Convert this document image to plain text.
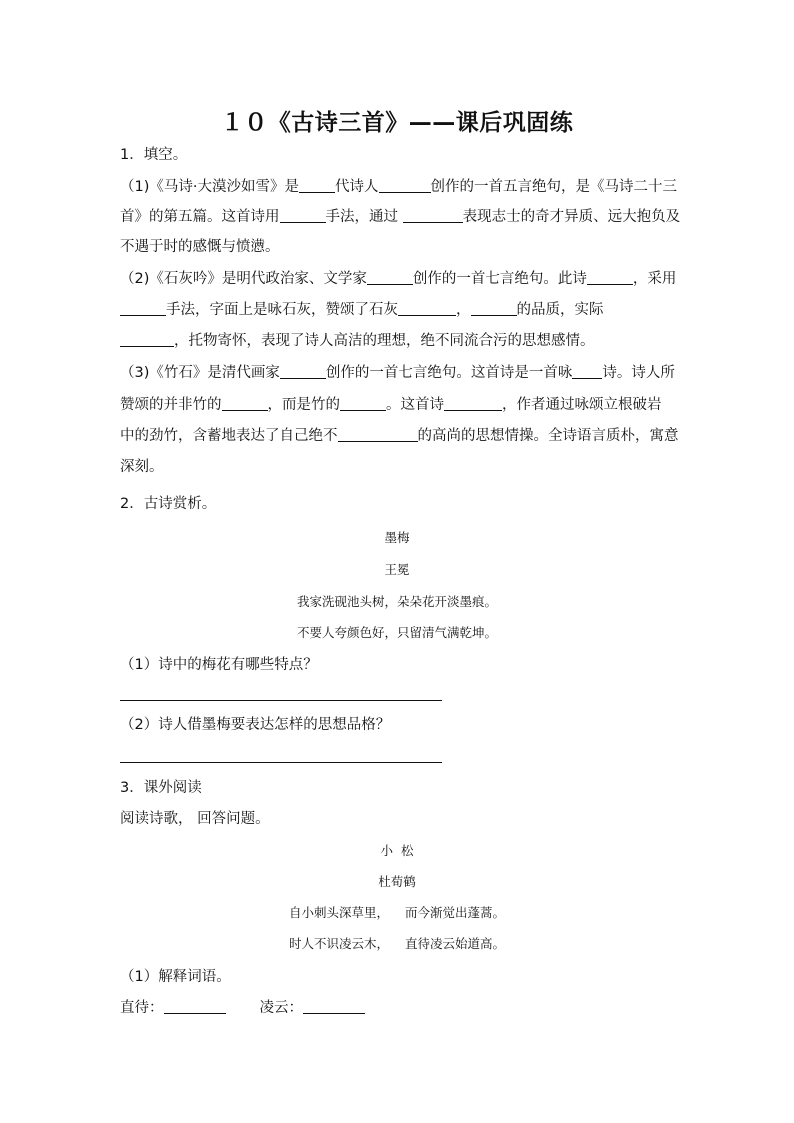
１０《古诗三首》——课后巩固练
1．填空。
（1)《马诗·大漠沙如雪》是 代诗人	创作的一首五言绝句，是《马诗二十三
首》的第五篇。这首诗用	手法，通过	表现志士的奇才异质、远大抱负及
不遇于时的感慨与愤懑。
（2)《石灰吟》是明代政治家、文学家	创作的一首七言绝句。此诗	，采用
手法，字面上是咏石灰，赞颂了石灰	，	的品质，实际
，托物寄怀，表现了诗人高洁的理想，绝不同流合污的思想感情。
（3)《竹石》是清代画家	创作的一首七言绝句。这首诗是一首咏 诗。诗人所
赞颂的并非竹的	，而是竹的	。这首诗	，作者通过咏颂立根破岩
中的劲竹，含蓄地表达了自己绝不	的高尚的思想情操。全诗语言质朴，寓意
深刻。
2．古诗赏析。
墨梅
王冕
我家洗砚池头树，朵朵花开淡墨痕。
不要人夸颜色好，只留清气满乾坤。
（1）诗中的梅花有哪些特点？
（2）诗人借墨梅要表达怎样的思想品格？
3．课外阅读
阅读诗歌， 回答问题。
小  松
杜荀鹤
自小刺头深草里，    而今渐觉出蓬蒿。
时人不识凌云木，    直待凌云始道高。
（1）解释词语。
直待：	凌云：
